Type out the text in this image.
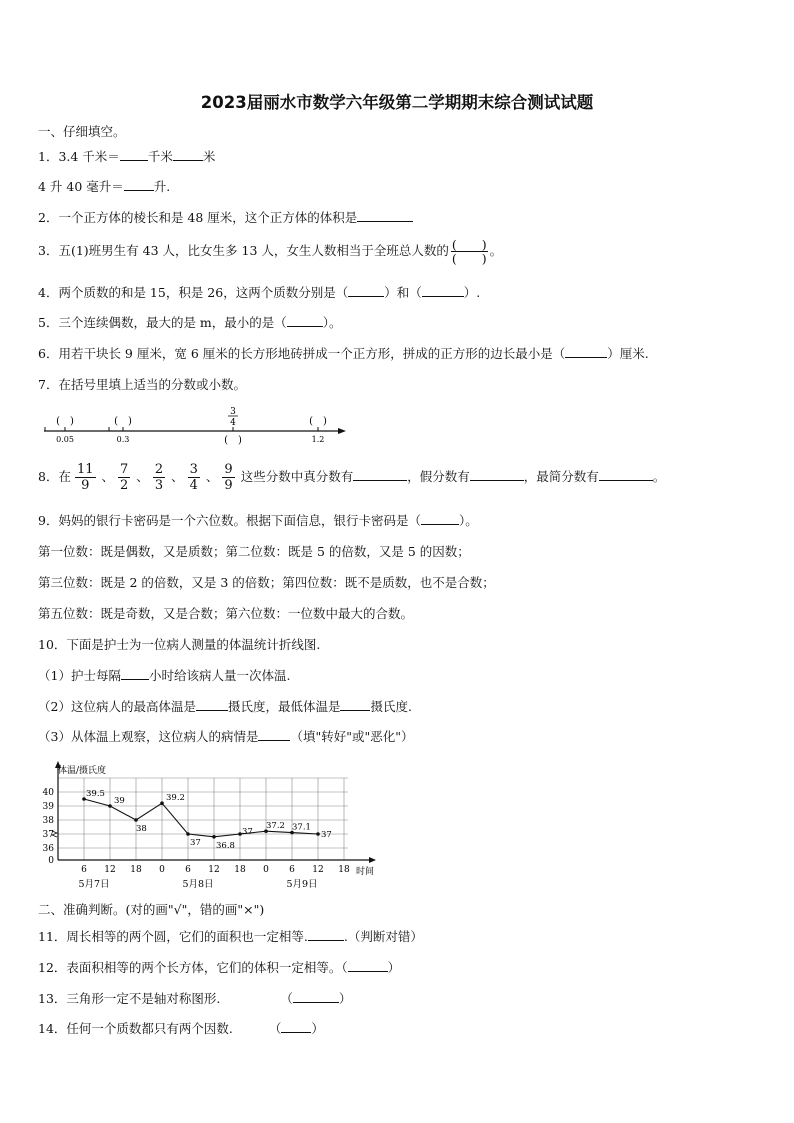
2023届丽水市数学六年级第二学期期末综合测试试题
一、仔细填空。
1．3.4 千米＝ 千米 米
4 升 40 毫升＝ 升.
2．一个正方体的棱长和是 48 厘米，这个正方体的体积是
3．五(1)班男生有 43 人，比女生多 13 人，女生人数相当于全班总人数的 $\frac{( )}{( )}$ 。
4．两个质数的和是 15，积是 26，这两个质数分别是（	）和（	）.
5．三个连续偶数，最大的是 m，最小的是（	）。
6．用若干块长 9 厘米，宽 6 厘米的长方形地砖拼成一个正方形，拼成的正方形的边长最小是（	）厘米.
7．在括号里填上适当的分数或小数。
(　)	(　)	(　)
3
4
(　)
0.05	0.3	1.2
8．在 $\frac{11}{9}$ 、 $\frac{7}{2}$ 、 $\frac{2}{3}$ 、 $\frac{3}{4}$ 、 $\frac{9}{9}$ 这些分数中真分数有	，假分数有	，最简分数有	。
9．妈妈的银行卡密码是一个六位数。根据下面信息，银行卡密码是（	）。
第一位数：既是偶数，又是质数；第二位数：既是 5 的倍数，又是 5 的因数；
第三位数：既是 2 的倍数，又是 3 的倍数；第四位数：既不是质数，也不是合数；
第五位数：既是奇数，又是合数；第六位数：一位数中最大的合数。
10．下面是护士为一位病人测量的体温统计折线图.
（1）护士每隔 小时给该病人量一次体温.
（2）这位病人的最高体温是	摄氏度，最低体温是 摄氏度.
（3）从体温上观察，这位病人的病情是	（填"转好"或"恶化"）
体温/摄氏度
时间
0
36
37
38
39
40
6 12 18 0 6 12 18 0 6 12 18
5月7日	5月8日	5月9日
39.5
39
38
39.2
37 36.8
37
37.2 37.1
37
二、准确判断。(对的画"√"，错的画"×")
11．周长相等的两个圆，它们的面积也一定相等.	.（判断对错）
12．表面积相等的两个长方体，它们的体积一定相等。（	）
13．三角形一定不是轴对称图形.	（	）
14．任何一个质数都只有两个因数.	（ ）
